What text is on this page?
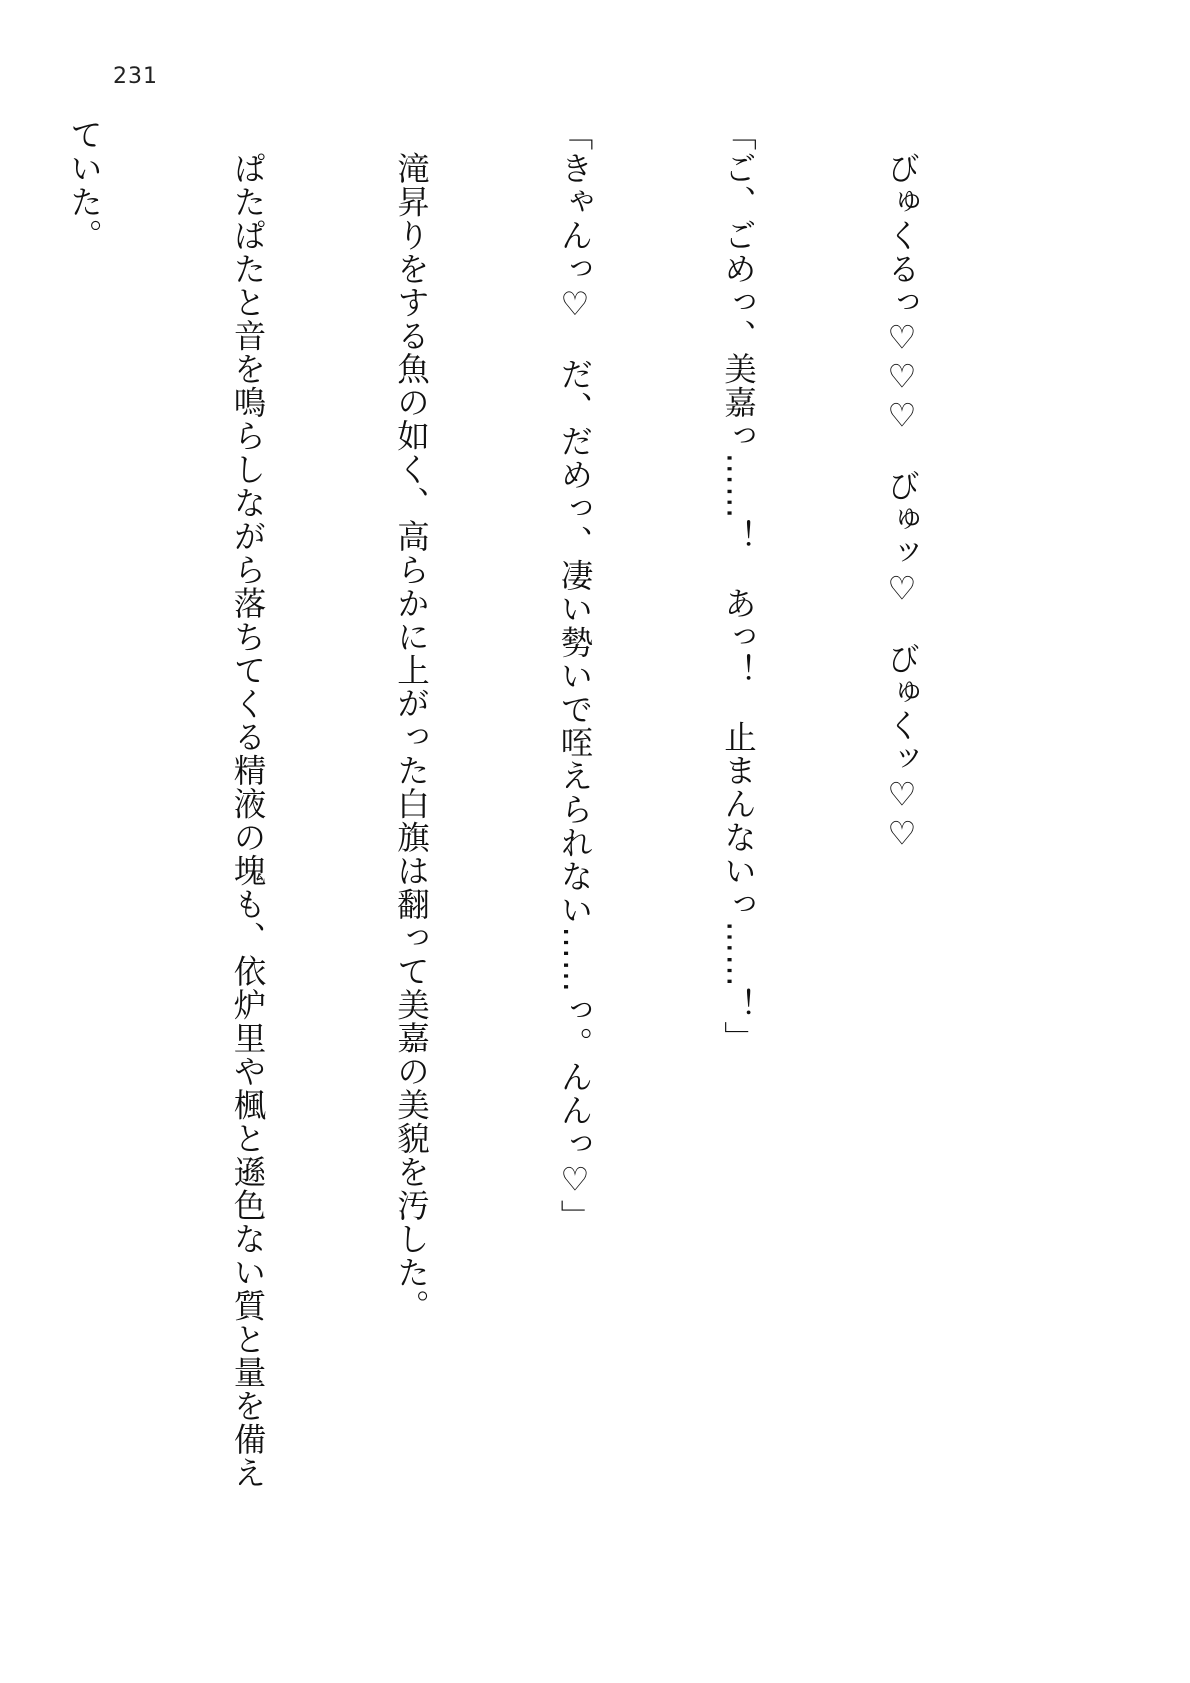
231

　びゅくるっ♡♡♡　びゅッ♡　びゅくッ♡♡

「ご、ごめっ、美嘉っ……！　あっ！　止まんないっ……！」

「きゃんっ♡　だ、だめっ、凄い勢いで咥えられない……っ。んんっ♡」

　滝昇りをする魚の如く、高らかに上がった白旗は翻って美嘉の美貌を汚した。

　ぱたぱたと音を鳴らしながら落ちてくる精液の塊も、依炉里や楓と遜色ない質と量を備え

ていた。
